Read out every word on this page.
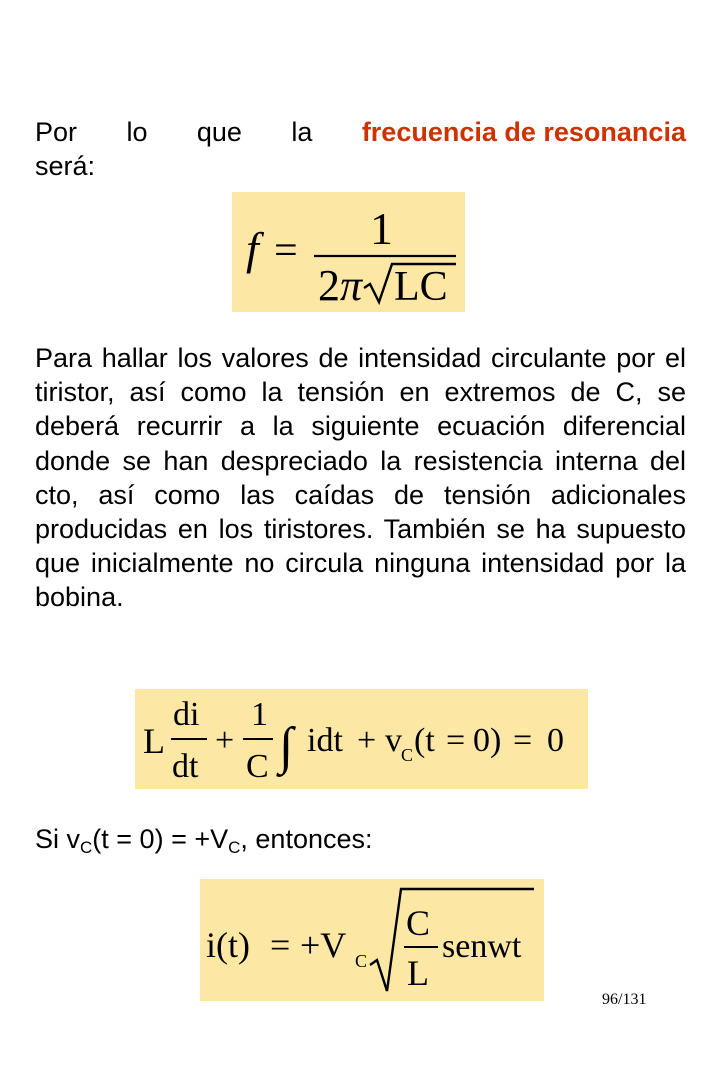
Por lo que la frecuencia de resonancia
será:
f = 1
2 π LC
Para hallar los valores de intensidad circulante por el tiristor, así como la tensión en extremos de C, se deberá recurrir a la siguiente ecuación diferencial donde se han despreciado la resistencia interna del cto, así como las caídas de tensión adicionales producidas en los tiristores. También se ha supuesto que inicialmente no circula ninguna intensidad por la bobina.
L
di
dt
+
1
C ∫ idt + v C (t = 0) = 0
Si $v_C(t = 0) = +V_C$, entonces:
i(t) = +V C
C
L
senwt
96/131
